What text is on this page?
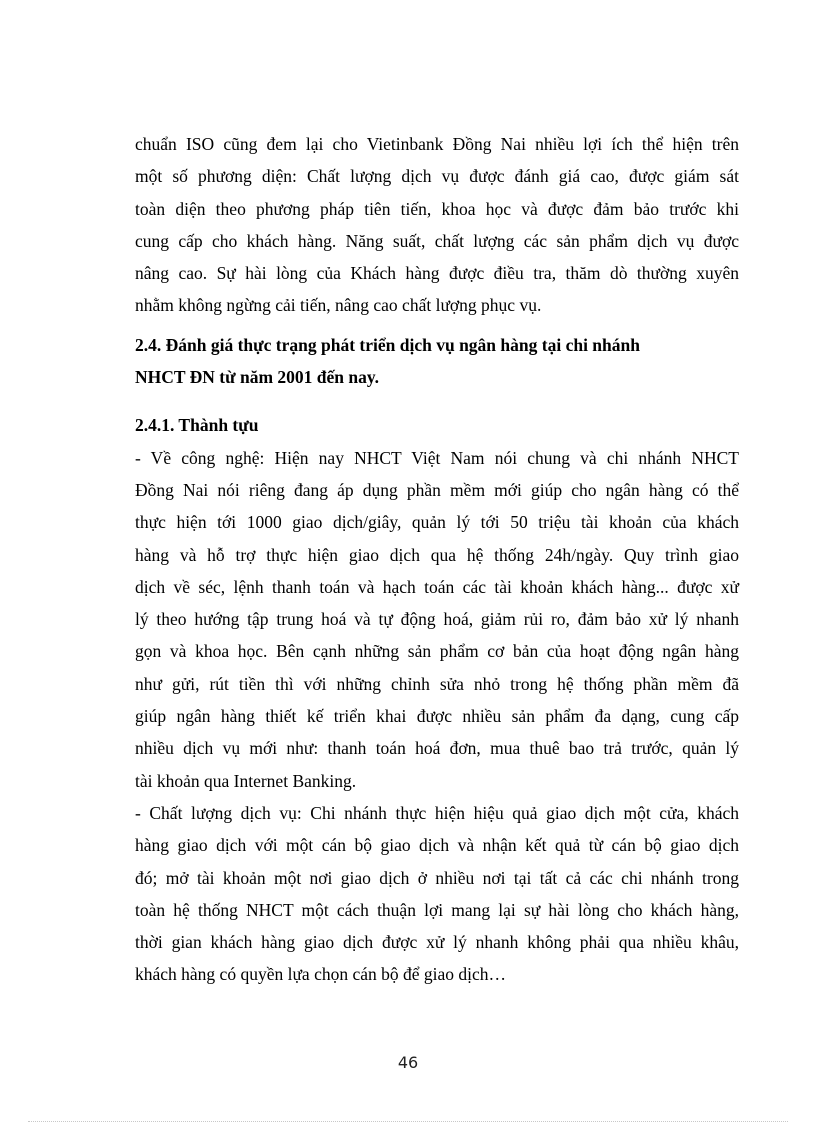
chuẩn ISO cũng đem lại cho Vietinbank Đồng Nai nhiều lợi ích thể hiện trên
một số phương diện: Chất lượng dịch vụ được đánh giá cao, được giám sát
toàn diện theo phương pháp tiên tiến, khoa học và được đảm bảo trước khi
cung cấp cho khách hàng. Năng suất, chất lượng các sản phẩm dịch vụ được
nâng cao. Sự hài lòng của Khách hàng được điều tra, thăm dò thường xuyên
nhằm không ngừng cải tiến, nâng cao chất lượng phục vụ.

2.4. Đánh giá thực trạng phát triển dịch vụ ngân hàng tại chi nhánh
NHCT ĐN từ năm 2001 đến nay.
2.4.1. Thành tựu

- Về công nghệ: Hiện nay NHCT Việt Nam nói chung và chi nhánh NHCT
Đồng Nai nói riêng đang áp dụng phần mềm mới giúp cho ngân hàng có thể
thực hiện tới 1000 giao dịch/giây, quản lý tới 50 triệu tài khoản của khách
hàng và hỗ trợ thực hiện giao dịch qua hệ thống 24h/ngày. Quy trình giao
dịch về séc, lệnh thanh toán và hạch toán các tài khoản khách hàng... được xử
lý theo hướng tập trung hoá và tự động hoá, giảm rủi ro, đảm bảo xử lý nhanh
gọn và khoa học. Bên cạnh những sản phẩm cơ bản của hoạt động ngân hàng
như gửi, rút tiền thì với những chỉnh sửa nhỏ trong hệ thống phần mềm đã
giúp ngân hàng thiết kế triển khai được nhiều sản phẩm đa dạng, cung cấp
nhiều dịch vụ mới như: thanh toán hoá đơn, mua thuê bao trả trước, quản lý
tài khoản qua Internet Banking.

- Chất lượng dịch vụ: Chi nhánh thực hiện hiệu quả giao dịch một cửa, khách
hàng giao dịch với một cán bộ giao dịch và nhận kết quả từ cán bộ giao dịch
đó; mở tài khoản một nơi giao dịch ở nhiều nơi tại tất cả các chi nhánh trong
toàn hệ thống NHCT một cách thuận lợi mang lại sự hài lòng cho khách hàng,
thời gian khách hàng giao dịch được xử lý nhanh không phải qua nhiều khâu,
khách hàng có quyền lựa chọn cán bộ để giao dịch…

46
